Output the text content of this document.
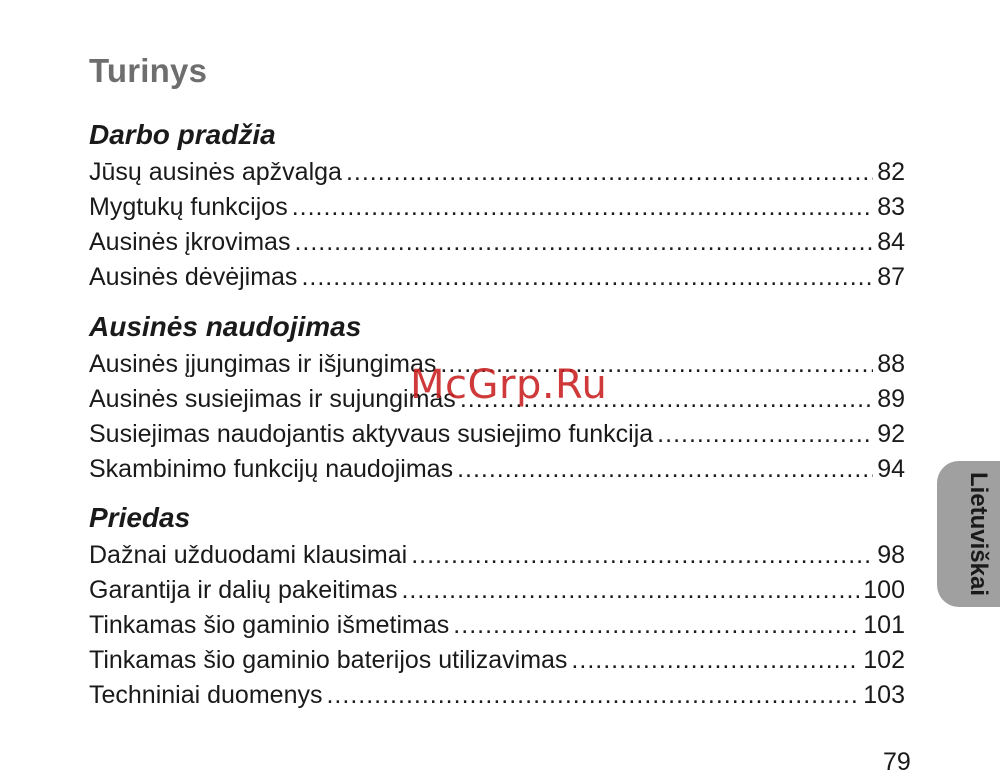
Turinys
Darbo pradžia
Jūsų ausinės apžvalga .....	82
Mygtukų funkcijos .....	83
Ausinės įkrovimas .....	84
Ausinės dėvėjimas .....	87
Ausinės naudojimas
Ausinės įjungimas ir išjungimas .....	88
Ausinės susiejimas ir sujungimas .....	89
Susiejimas naudojantis aktyvaus susiejimo funkcija .....	92
Skambinimo funkcijų naudojimas .....	94
Priedas
Dažnai užduodami klausimai .....	98
Garantija ir dalių pakeitimas .....	100
Tinkamas šio gaminio išmetimas .....	101
Tinkamas šio gaminio baterijos utilizavimas .....	102
Techniniai duomenys .....	103
McGrp.Ru
Lietuviškai
79
